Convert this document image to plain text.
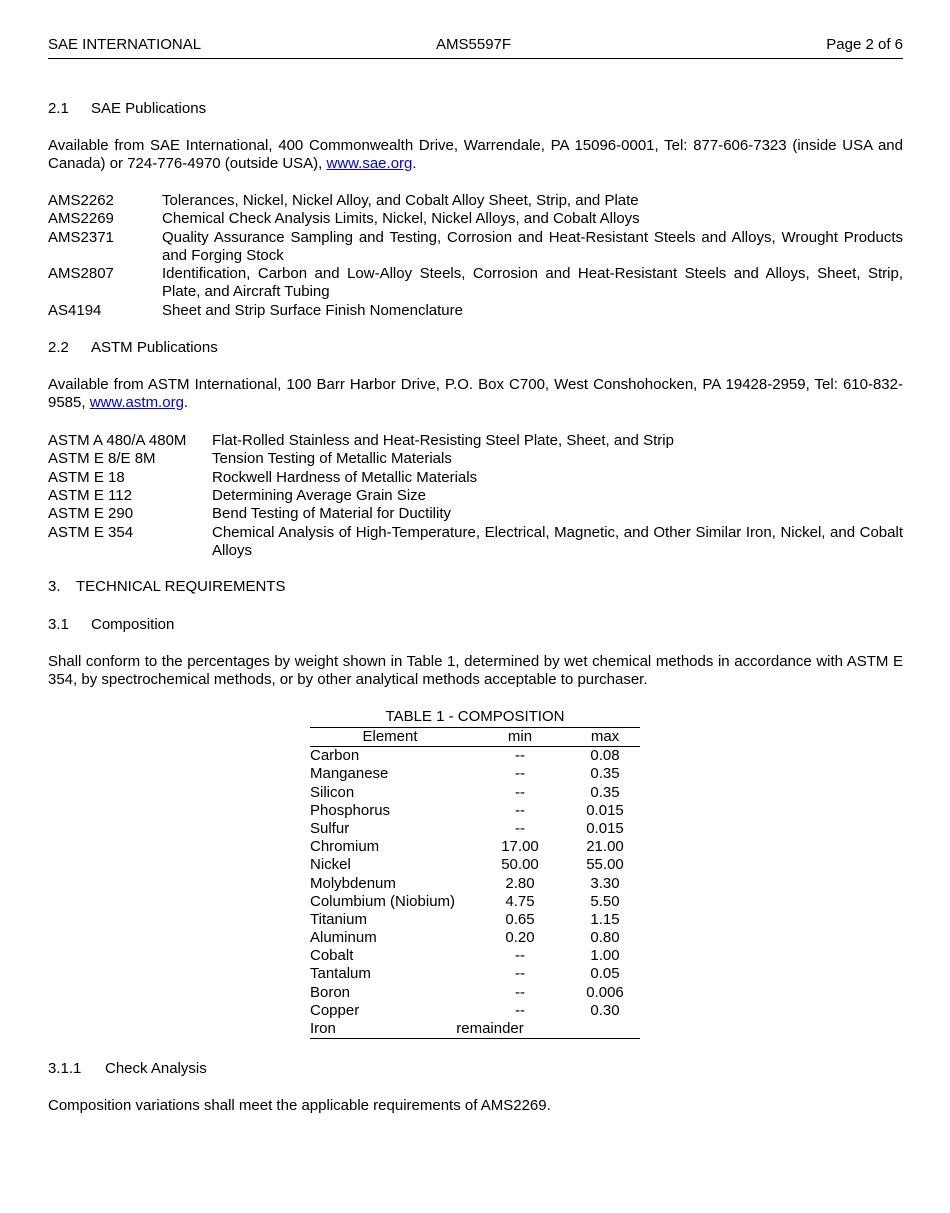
SAE INTERNATIONAL	AMS5597F	Page 2 of 6
2.1 SAE Publications
Available from SAE International, 400 Commonwealth Drive, Warrendale, PA 15096-0001, Tel: 877-606-7323 (inside USA and Canada) or 724-776-4970 (outside USA), www.sae.org.
AMS2262	Tolerances, Nickel, Nickel Alloy, and Cobalt Alloy Sheet, Strip, and Plate
AMS2269	Chemical Check Analysis Limits, Nickel, Nickel Alloys, and Cobalt Alloys
AMS2371	Quality Assurance Sampling and Testing, Corrosion and Heat-Resistant Steels and Alloys, Wrought Products and Forging Stock
AMS2807	Identification, Carbon and Low-Alloy Steels, Corrosion and Heat-Resistant Steels and Alloys, Sheet, Strip, Plate, and Aircraft Tubing
AS4194	Sheet and Strip Surface Finish Nomenclature
2.2 ASTM Publications
Available from ASTM International, 100 Barr Harbor Drive, P.O. Box C700, West Conshohocken, PA 19428-2959, Tel: 610-832-9585, www.astm.org.
ASTM A 480/A 480M Flat-Rolled Stainless and Heat-Resisting Steel Plate, Sheet, and Strip
ASTM E 8/E 8M	Tension Testing of Metallic Materials
ASTM E 18	Rockwell Hardness of Metallic Materials
ASTM E 112	Determining Average Grain Size
ASTM E 290	Bend Testing of Material for Ductility
ASTM E 354	Chemical Analysis of High-Temperature, Electrical, Magnetic, and Other Similar Iron, Nickel, and Cobalt Alloys
3. TECHNICAL REQUIREMENTS
3.1 Composition
Shall conform to the percentages by weight shown in Table 1, determined by wet chemical methods in accordance with ASTM E 354, by spectrochemical methods, or by other analytical methods acceptable to purchaser.
TABLE 1 - COMPOSITION
Element	min	max
Carbon	--	0.08
Manganese	--	0.35
Silicon	--	0.35
Phosphorus	--	0.015
Sulfur	--	0.015
Chromium	17.00	21.00
Nickel	50.00	55.00
Molybdenum	2.80	3.30
Columbium (Niobium)	4.75	5.50
Titanium	0.65	1.15
Aluminum	0.20	0.80
Cobalt	--	1.00
Tantalum	--	0.05
Boron	--	0.006
Copper	--	0.30
Iron	remainder
3.1.1 Check Analysis
Composition variations shall meet the applicable requirements of AMS2269.
